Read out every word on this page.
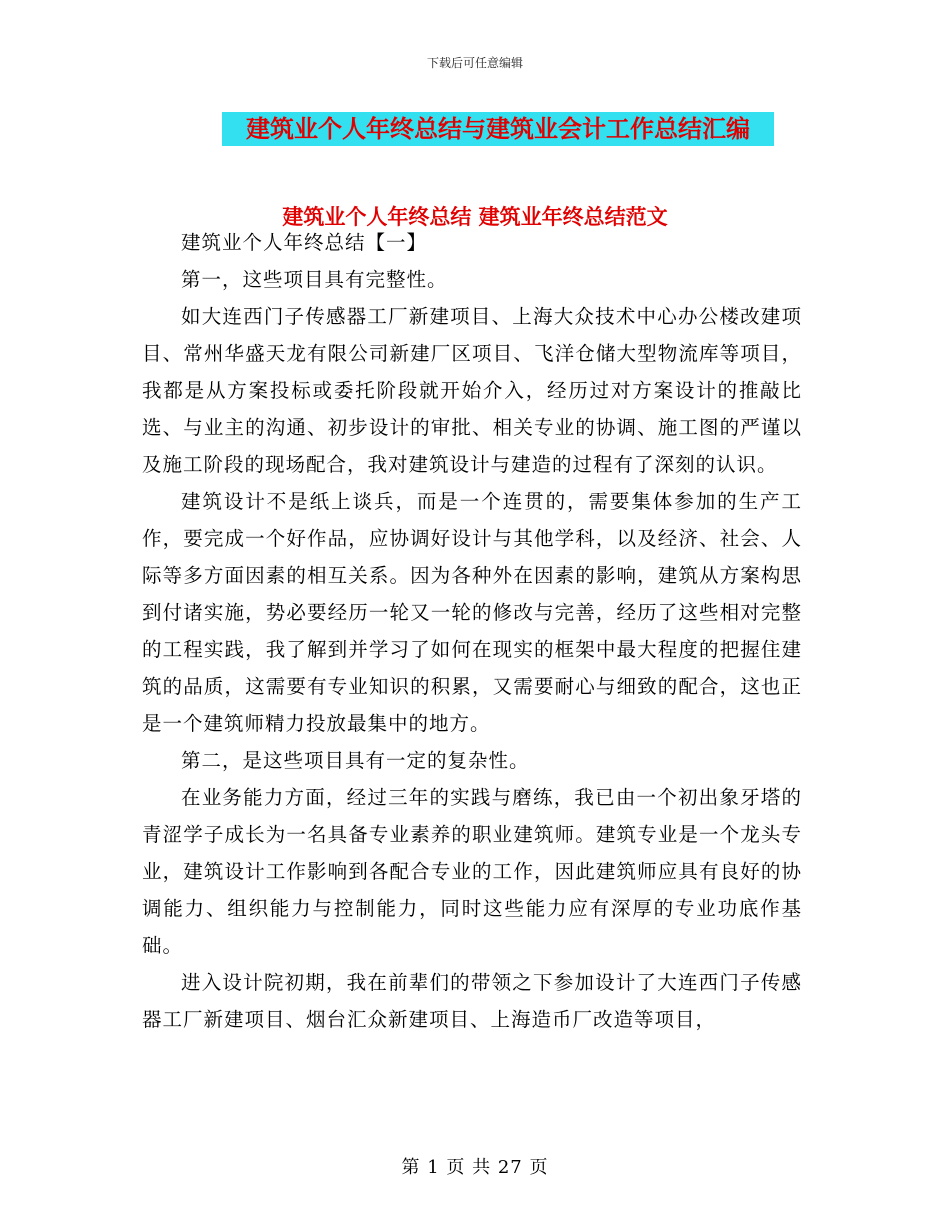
下载后可任意编辑
建筑业个人年终总结与建筑业会计工作总结汇编
建筑业个人年终总结 建筑业年终总结范文

建筑业个人年终总结【一】

第一，这些项目具有完整性。

如大连西门子传感器工厂新建项目、上海大众技术中心办公楼改建项目、常州华盛天龙有限公司新建厂区项目、飞洋仓储大型物流库等项目，我都是从方案投标或委托阶段就开始介入，经历过对方案设计的推敲比选、与业主的沟通、初步设计的审批、相关专业的协调、施工图的严谨以及施工阶段的现场配合，我对建筑设计与建造的过程有了深刻的认识。

建筑设计不是纸上谈兵，而是一个连贯的，需要集体参加的生产工作，要完成一个好作品，应协调好设计与其他学科，以及经济、社会、人际等多方面因素的相互关系。因为各种外在因素的影响，建筑从方案构思到付诸实施，势必要经历一轮又一轮的修改与完善，经历了这些相对完整的工程实践，我了解到并学习了如何在现实的框架中最大程度的把握住建筑的品质，这需要有专业知识的积累，又需要耐心与细致的配合，这也正是一个建筑师精力投放最集中的地方。

第二，是这些项目具有一定的复杂性。

在业务能力方面，经过三年的实践与磨练，我已由一个初出象牙塔的青涩学子成长为一名具备专业素养的职业建筑师。建筑专业是一个龙头专业，建筑设计工作影响到各配合专业的工作，因此建筑师应具有良好的协调能力、组织能力与控制能力，同时这些能力应有深厚的专业功底作基础。

进入设计院初期，我在前辈们的带领之下参加设计了大连西门子传感器工厂新建项目、烟台汇众新建项目、上海造币厂改造等项目，

第 1 页 共 27 页
